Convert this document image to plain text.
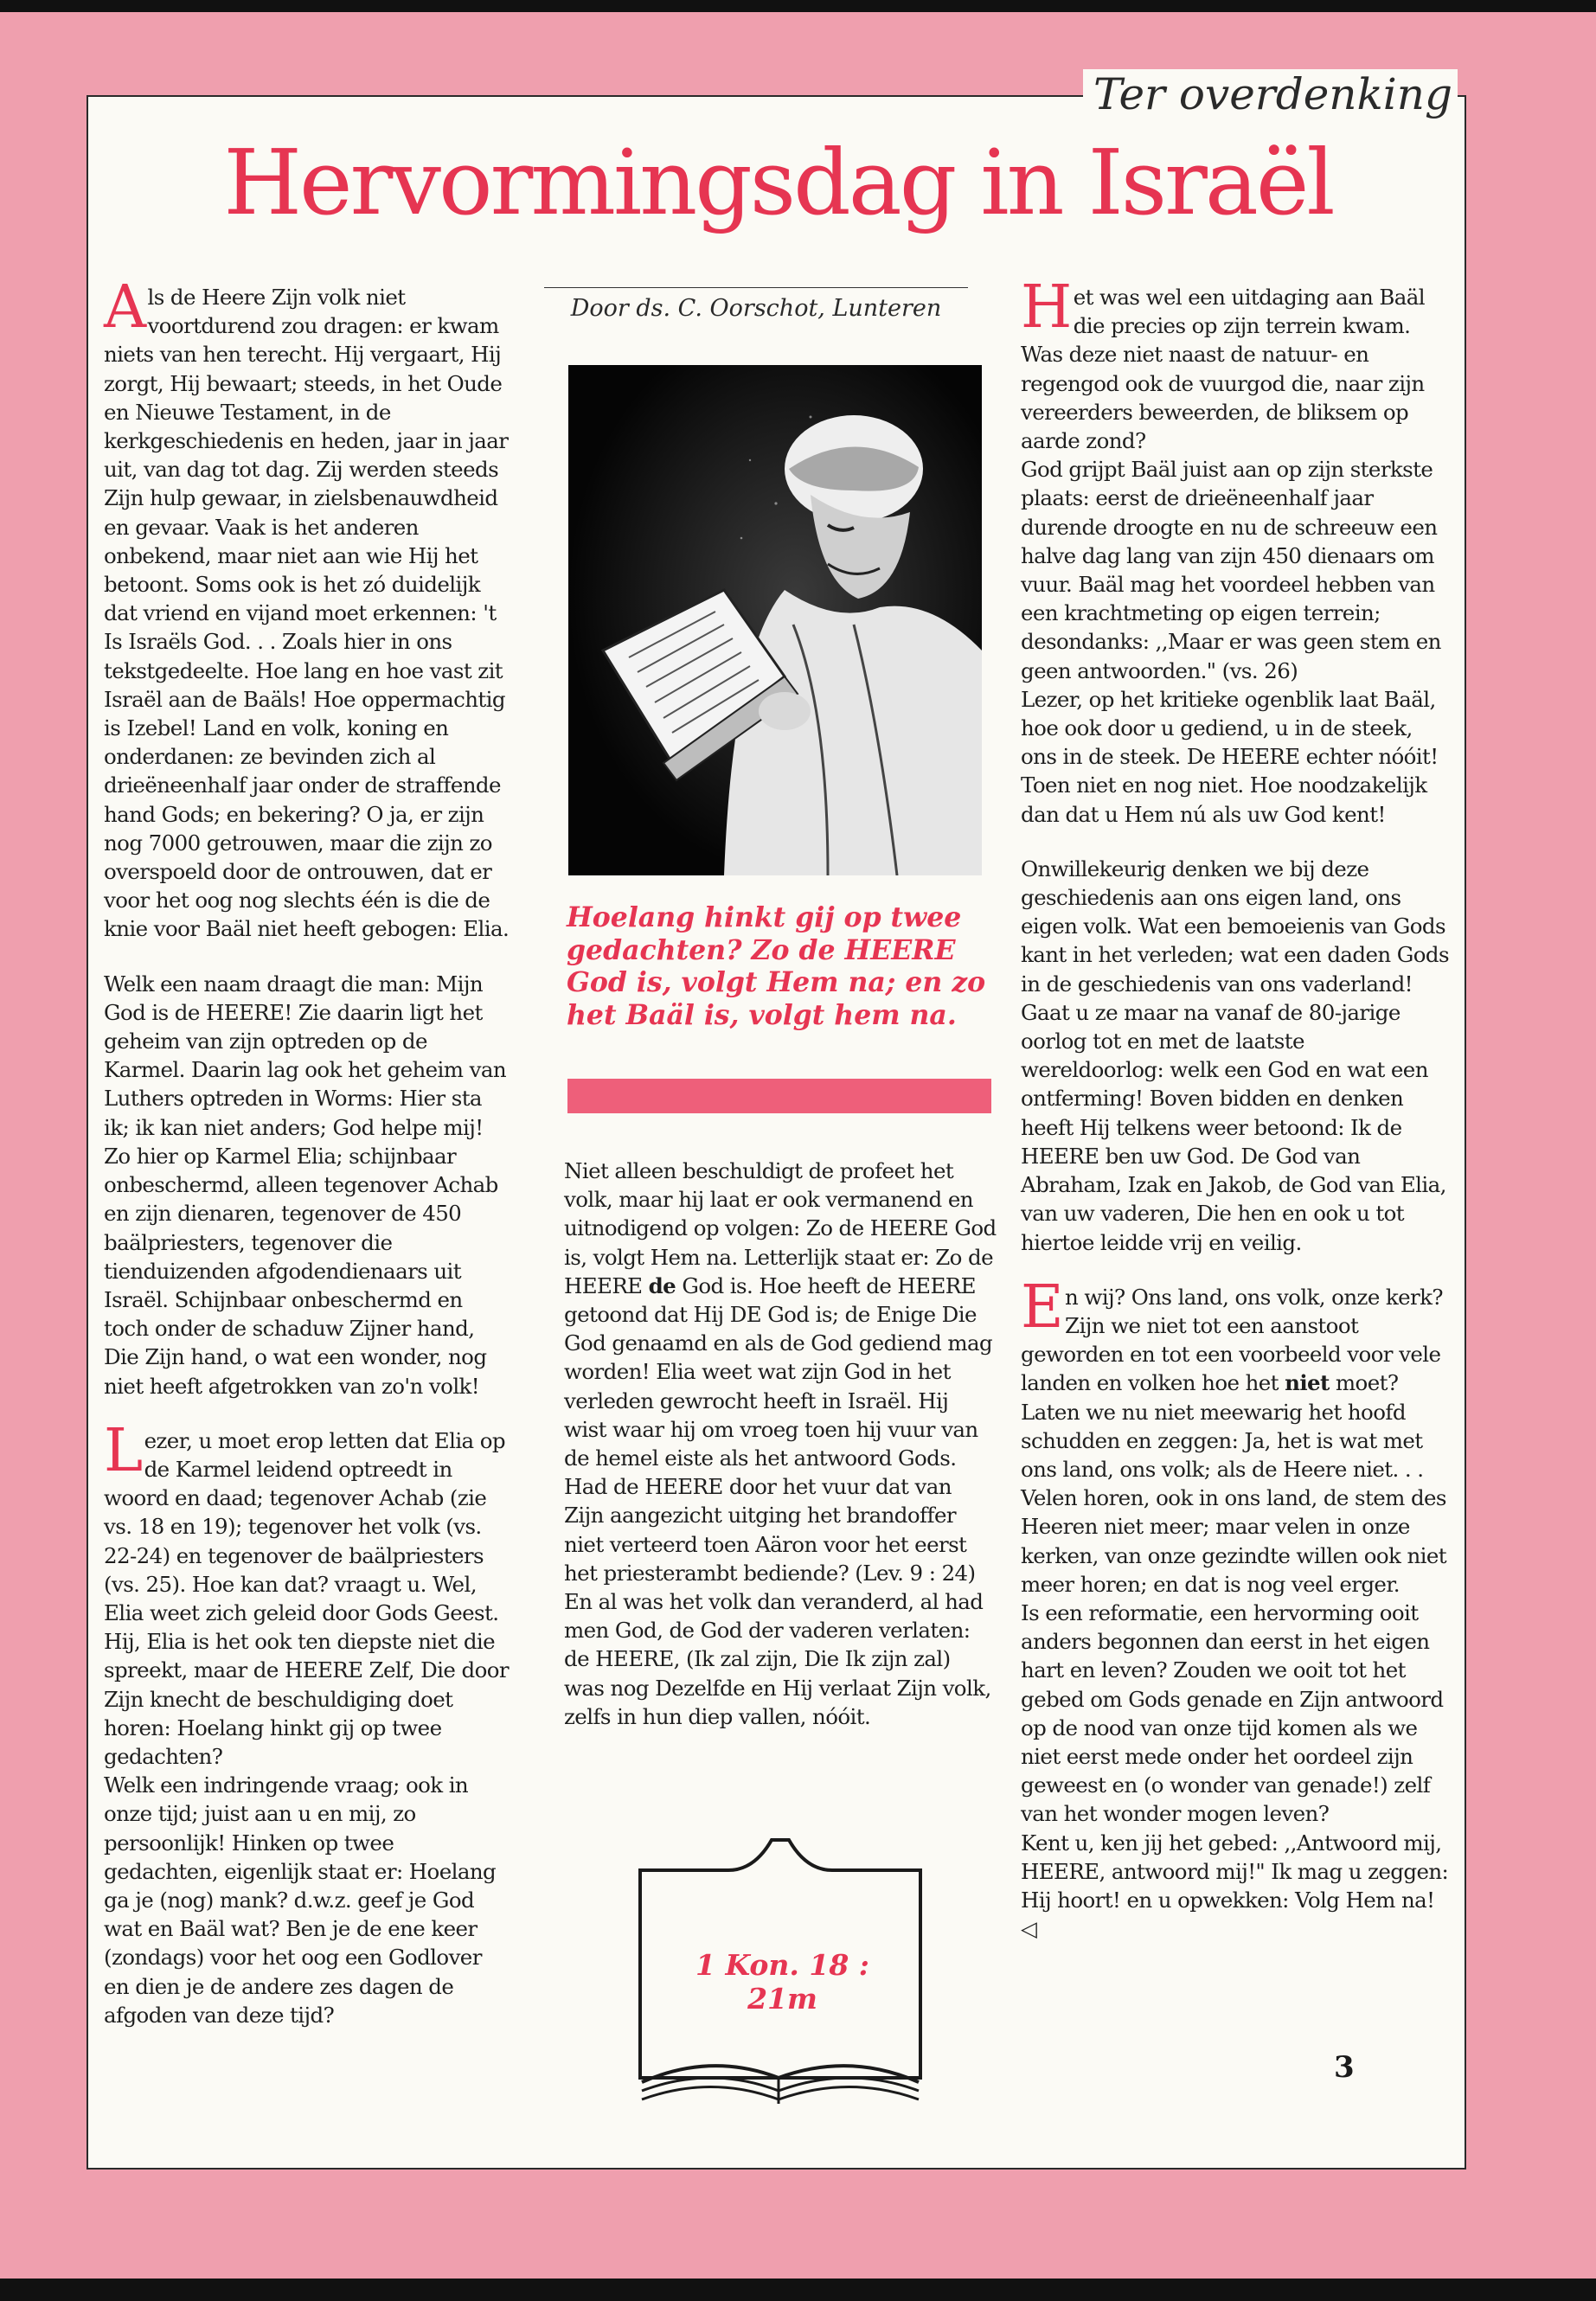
Ter overdenking
Hervormingsdag in Israël

Als de Heere Zijn volk niet voortdurend zou dragen: er kwam niets van hen terecht. Hij vergaart, Hij zorgt, Hij bewaart; steeds, in het Oude en Nieuwe Testament, in de kerkgeschiedenis en heden, jaar in jaar uit, van dag tot dag. Zij werden steeds Zijn hulp gewaar, in zielsbenauwdheid en gevaar. Vaak is het anderen onbekend, maar niet aan wie Hij het betoont. Soms ook is het zó duidelijk dat vriend en vijand moet erkennen: 't Is Israëls God. . . Zoals hier in ons tekstgedeelte. Hoe lang en hoe vast zit Israël aan de Baäls! Hoe oppermachtig is Izebel! Land en volk, koning en onderdanen: ze bevinden zich al drieëneenhalf jaar onder de straffende hand Gods; en bekering? O ja, er zijn nog 7000 getrouwen, maar die zijn zo overspoeld door de ontrouwen, dat er voor het oog nog slechts één is die de knie voor Baäl niet heeft gebogen: Elia.

Welk een naam draagt die man: Mijn God is de HEERE! Zie daarin ligt het geheim van zijn optreden op de Karmel. Daarin lag ook het geheim van Luthers optreden in Worms: Hier sta ik; ik kan niet anders; God helpe mij! Zo hier op Karmel Elia; schijnbaar onbeschermd, alleen tegenover Achab en zijn dienaren, tegenover de 450 baälpriesters, tegenover die tienduizenden afgodendienaars uit Israël. Schijnbaar onbeschermd en toch onder de schaduw Zijner hand, Die Zijn hand, o wat een wonder, nog niet heeft afgetrokken van zo'n volk!

Lezer, u moet erop letten dat Elia op de Karmel leidend optreedt in woord en daad; tegenover Achab (zie vs. 18 en 19); tegenover het volk (vs. 22-24) en tegenover de baälpriesters (vs. 25). Hoe kan dat? vraagt u. Wel, Elia weet zich geleid door Gods Geest. Hij, Elia is het ook ten diepste niet die spreekt, maar de HEERE Zelf, Die door Zijn knecht de beschuldiging doet horen: Hoelang hinkt gij op twee gedachten?

Welk een indringende vraag; ook in onze tijd; juist aan u en mij, zo persoonlijk! Hinken op twee gedachten, eigenlijk staat er: Hoelang ga je (nog) mank? d.w.z. geef je God wat en Baäl wat? Ben je de ene keer (zondags) voor het oog een Godlover en dien je de andere zes dagen de afgoden van deze tijd?

Door ds. C. Oorschot, Lunteren
Hoelang hinkt gij op twee gedachten? Zo de HEERE God is, volgt Hem na; en zo het Baäl is, volgt hem na.

Niet alleen beschuldigt de profeet het volk, maar hij laat er ook vermanend en uitnodigend op volgen: Zo de HEERE God is, volgt Hem na. Letterlijk staat er: Zo de HEERE de God is. Hoe heeft de HEERE getoond dat Hij DE God is; de Enige Die God genaamd en als de God gediend mag worden! Elia weet wat zijn God in het verleden gewrocht heeft in Israël. Hij wist waar hij om vroeg toen hij vuur van de hemel eiste als het antwoord Gods. Had de HEERE door het vuur dat van Zijn aangezicht uitging het brandoffer niet verteerd toen Aäron voor het eerst het priesterambt bediende? (Lev. 9 : 24)

En al was het volk dan veranderd, al had men God, de God der vaderen verlaten: de HEERE, (Ik zal zijn, Die Ik zijn zal) was nog Dezelfde en Hij verlaat Zijn volk, zelfs in hun diep vallen, nóóit.

1 Kon. 18 : 21m

Het was wel een uitdaging aan Baäl die precies op zijn terrein kwam. Was deze niet naast de natuur- en regengod ook de vuurgod die, naar zijn vereerders beweerden, de bliksem op aarde zond?

God grijpt Baäl juist aan op zijn sterkste plaats: eerst de drieëneenhalf jaar durende droogte en nu de schreeuw een halve dag lang van zijn 450 dienaars om vuur. Baäl mag het voordeel hebben van een krachtmeting op eigen terrein; desondanks: ,,Maar er was geen stem en geen antwoorden." (vs. 26)

Lezer, op het kritieke ogenblik laat Baäl, hoe ook door u gediend, u in de steek, ons in de steek. De HEERE echter nóóit! Toen niet en nog niet. Hoe noodzakelijk dan dat u Hem nú als uw God kent!

Onwillekeurig denken we bij deze geschiedenis aan ons eigen land, ons eigen volk. Wat een bemoeienis van Gods kant in het verleden; wat een daden Gods in de geschiedenis van ons vaderland! Gaat u ze maar na vanaf de 80-jarige oorlog tot en met de laatste wereldoorlog: welk een God en wat een ontferming! Boven bidden en denken heeft Hij telkens weer betoond: Ik de HEERE ben uw God. De God van Abraham, Izak en Jakob, de God van Elia, van uw vaderen, Die hen en ook u tot hiertoe leidde vrij en veilig.

En wij? Ons land, ons volk, onze kerk? Zijn we niet tot een aanstoot geworden en tot een voorbeeld voor vele landen en volken hoe het niet moet? Laten we nu niet meewarig het hoofd schudden en zeggen: Ja, het is wat met ons land, ons volk; als de Heere niet. . . Velen horen, ook in ons land, de stem des Heeren niet meer; maar velen in onze kerken, van onze gezindte willen ook niet meer horen; en dat is nog veel erger.

Is een reformatie, een hervorming ooit anders begonnen dan eerst in het eigen hart en leven? Zouden we ooit tot het gebed om Gods genade en Zijn antwoord op de nood van onze tijd komen als we niet eerst mede onder het oordeel zijn geweest en (o wonder van genade!) zelf van het wonder mogen leven?

Kent u, ken jij het gebed: ,,Antwoord mij, HEERE, antwoord mij!" Ik mag u zeggen: Hij hoort! en u opwekken: Volg Hem na! ◁

3
